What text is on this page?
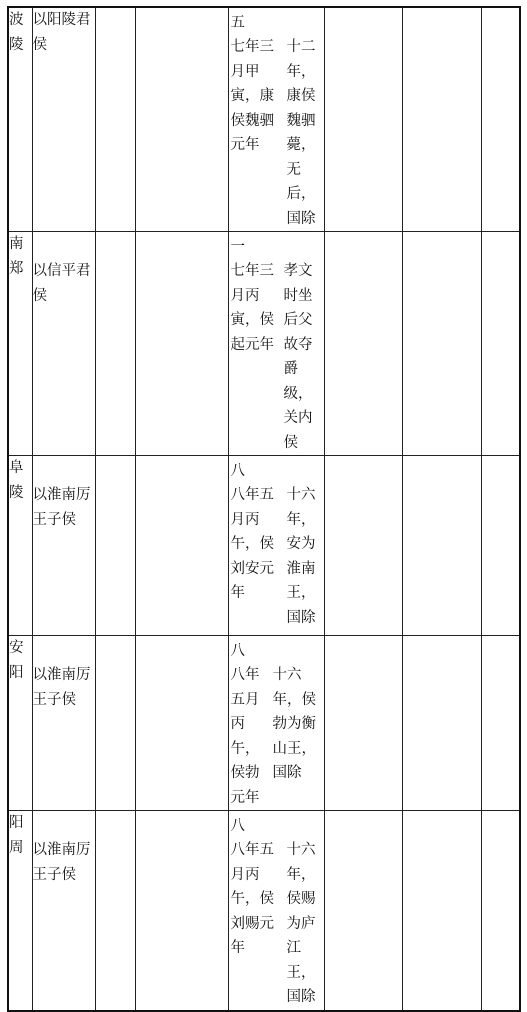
波陵	以阳陵君侯			五
七年三月甲寅，康侯魏驷元年
十二年，康侯魏驷薨，无后，国除			

南郑	以信平君侯			一
七年三月丙寅，侯起元年
孝文时坐后父故夺爵级，关内侯			

阜陵	以淮南厉王子侯			八
八年五月丙午，侯刘安元年
十六年，安为淮南王，国除			

安阳	以淮南厉王子侯			八
八年五月丙午，侯勃元年
十六年，侯勃为衡山王，国除			

阳周	以淮南厉王子侯			八
八年五月丙午，侯刘赐元年
十六年，侯赐为庐江王，国除			
